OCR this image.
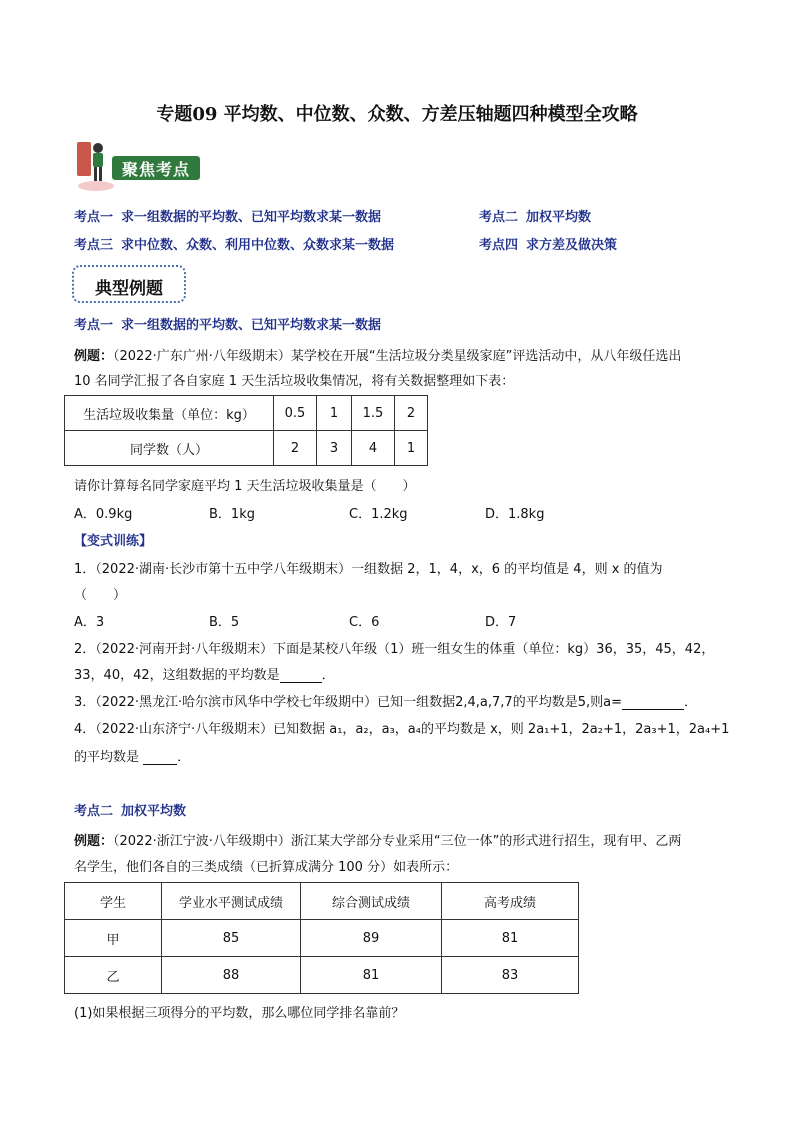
专题09 平均数、中位数、众数、方差压轴题四种模型全攻略
聚焦考点
考点一 求一组数据的平均数、已知平均数求某一数据	考点二 加权平均数
考点三 求中位数、众数、利用中位数、众数求某一数据	考点四 求方差及做决策
典型例题
考点一 求一组数据的平均数、已知平均数求某一数据
例题：（2022·广东广州·八年级期末）某学校在开展“生活垃圾分类星级家庭”评选活动中，从八年级任选出
10 名同学汇报了各自家庭 1 天生活垃圾收集情况，将有关数据整理如下表：
生活垃圾收集量（单位：kg）	0.5	1	1.5	2
同学数（人）	2	3	4	1
请你计算每名同学家庭平均 1 天生活垃圾收集量是（　　）
A．0.9kg	B．1kg	C．1.2kg	D．1.8kg
【变式训练】
1．（2022·湖南·长沙市第十五中学八年级期末）一组数据 2，1，4，x，6 的平均值是 4，则 x 的值为
（　　）
A．3	B．5	C．6	D．7
2．（2022·河南开封·八年级期末）下面是某校八年级（1）班一组女生的体重（单位：kg）36，35，45，42，
33，40，42，这组数据的平均数是	．
3．（2022·黑龙江·哈尔滨市风华中学校七年级期中）已知一组数据2,4,a,7,7的平均数是5,则a=	．
4．（2022·山东济宁·八年级期末）已知数据 a₁，a₂，a₃，a₄的平均数是 x，则 2a₁+1，2a₂+1，2a₃+1，2a₄+1
的平均数是	．
考点二 加权平均数
例题：（2022·浙江宁波·八年级期中）浙江某大学部分专业采用“三位一体”的形式进行招生，现有甲、乙两
名学生，他们各自的三类成绩（已折算成满分 100 分）如表所示：
学生	学业水平测试成绩	综合测试成绩	高考成绩
甲	85	89	81
乙	88	81	83
(1)如果根据三项得分的平均数，那么哪位同学排名靠前？
